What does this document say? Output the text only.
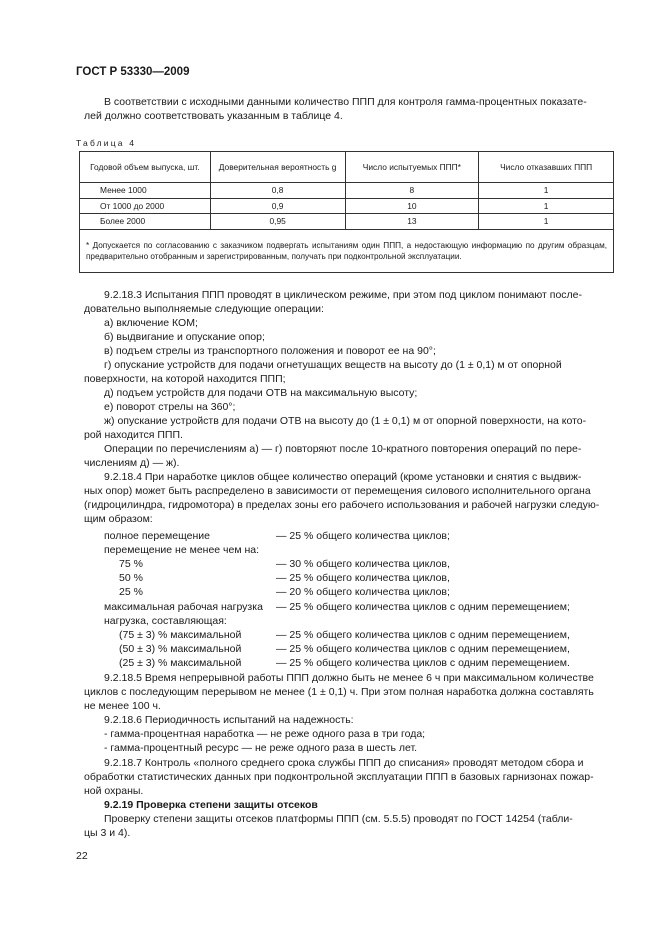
ГОСТ Р 53330—2009
В соответствии с исходными данными количество ППП для контроля гамма-процентных показате-
лей должно соответствовать указанным в таблице 4.
Таблица 4
Годовой объем выпуска, шт.	Доверительная вероятность g	Число испытуемых ППП*	Число отказавших ППП
Менее 1000	0,8	8	1
От 1000 до 2000	0,9	10	1
Более 2000	0,95	13	1
* Допускается по согласованию с заказчиком подвергать испытаниям один ППП, а недостающую информацию по другим образцам, предварительно отобранным и зарегистрированным, получать при подконтрольной эксплуатации.			
9.2.18.3 Испытания ППП проводят в циклическом режиме, при этом под циклом понимают после-
довательно выполняемые следующие операции:
а) включение КОМ;
б) выдвигание и опускание опор;
в) подъем стрелы из транспортного положения и поворот ее на 90°;
г) опускание устройств для подачи огнетушащих веществ на высоту до (1 ± 0,1) м от опорной
поверхности, на которой находится ППП;
д) подъем устройств для подачи ОТВ на максимальную высоту;
е) поворот стрелы на 360°;
ж) опускание устройств для подачи ОТВ на высоту до (1 ± 0,1) м от опорной поверхности, на кото-
рой находится ППП.
Операции по перечислениям а) — г) повторяют после 10-кратного повторения операций по пере-
числениям д) — ж).
9.2.18.4 При наработке циклов общее количество операций (кроме установки и снятия с выдвиж-
ных опор) может быть распределено в зависимости от перемещения силового исполнительного органа
(гидроцилиндра, гидромотора) в пределах зоны его рабочего использования и рабочей нагрузки следую-
щим образом:
полное перемещение	— 25 % общего количества циклов;
перемещение не менее чем на:
75 %	— 30 % общего количества циклов,
50 %	— 25 % общего количества циклов,
25 %	— 20 % общего количества циклов;
максимальная рабочая нагрузка — 25 % общего количества циклов с одним перемещением;
нагрузка, составляющая:
(75 ± 3) % максимальной	— 25 % общего количества циклов с одним перемещением,
(50 ± 3) % максимальной	— 25 % общего количества циклов с одним перемещением,
(25 ± 3) % максимальной	— 25 % общего количества циклов с одним перемещением.
9.2.18.5 Время непрерывной работы ППП должно быть не менее 6 ч при максимальном количестве
циклов с последующим перерывом не менее (1 ± 0,1) ч. При этом полная наработка должна составлять
не менее 100 ч.
9.2.18.6 Периодичность испытаний на надежность:
- гамма-процентная наработка — не реже одного раза в три года;
- гамма-процентный ресурс — не реже одного раза в шесть лет.
9.2.18.7 Контроль «полного среднего срока службы ППП до списания» проводят методом сбора и
обработки статистических данных при подконтрольной эксплуатации ППП в базовых гарнизонах пожар-
ной охраны.
9.2.19 Проверка степени защиты отсеков
Проверку степени защиты отсеков платформы ППП (см. 5.5.5) проводят по ГОСТ 14254 (табли-
цы 3 и 4).
22
